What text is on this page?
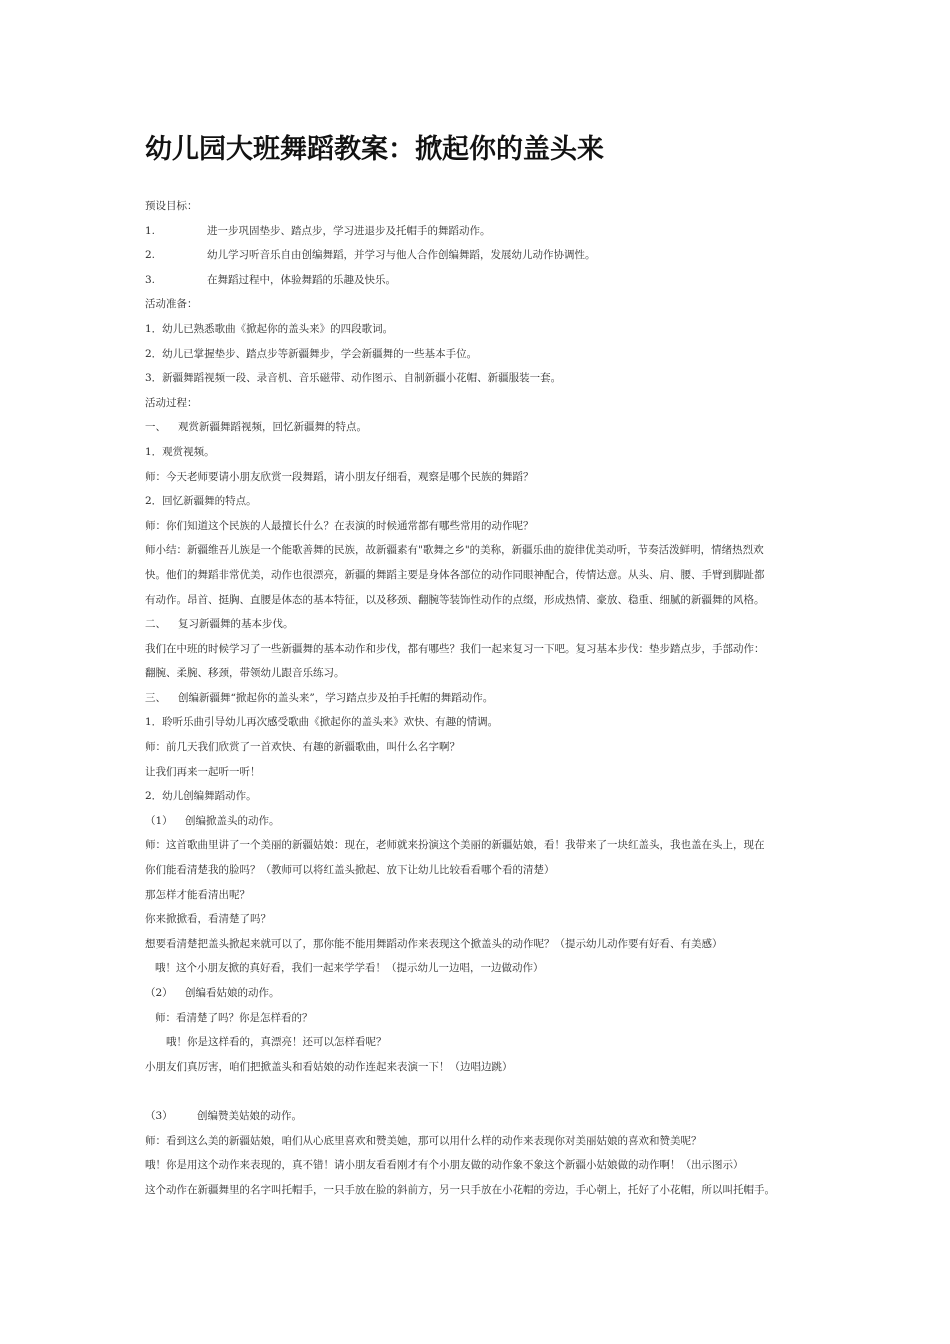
幼儿园大班舞蹈教案：掀起你的盖头来
预设目标：
1.	进一步巩固垫步、踏点步，学习进退步及托帽手的舞蹈动作。
2.	幼儿学习听音乐自由创编舞蹈，并学习与他人合作创编舞蹈，发展幼儿动作协调性。
3.	在舞蹈过程中，体验舞蹈的乐趣及快乐。
活动准备：
1．幼儿已熟悉歌曲《掀起你的盖头来》的四段歌词。
2．幼儿已掌握垫步、踏点步等新疆舞步，学会新疆舞的一些基本手位。
3．新疆舞蹈视频一段、录音机、音乐磁带、动作图示、自制新疆小花帽、新疆服装一套。
活动过程：
一、 观赏新疆舞蹈视频，回忆新疆舞的特点。
1．观赏视频。
师：今天老师要请小朋友欣赏一段舞蹈，请小朋友仔细看，观察是哪个民族的舞蹈？
2．回忆新疆舞的特点。
师：你们知道这个民族的人最擅长什么？在表演的时候通常都有哪些常用的动作呢？
师小结：新疆维吾儿族是一个能歌善舞的民族，故新疆素有"歌舞之乡"的美称，新疆乐曲的旋律优美动听，节奏活泼鲜明，情绪热烈欢
快。他们的舞蹈非常优美，动作也很漂亮，新疆的舞蹈主要是身体各部位的动作同眼神配合，传情达意。从头、肩、腰、手臂到脚趾都
有动作。昂首、挺胸、直腰是体态的基本特征，以及移颈、翻腕等装饰性动作的点缀，形成热情、豪放、稳重、细腻的新疆舞的风格。
二、 复习新疆舞的基本步伐。
我们在中班的时候学习了一些新疆舞的基本动作和步伐，都有哪些？我们一起来复习一下吧。复习基本步伐：垫步踏点步，手部动作：
翻腕、柔腕、移颈，带领幼儿跟音乐练习。
三、 创编新疆舞“掀起你的盖头来”，学习踏点步及拍手托帽的舞蹈动作。
1．聆听乐曲引导幼儿再次感受歌曲《掀起你的盖头来》欢快、有趣的情调。
师：前几天我们欣赏了一首欢快、有趣的新疆歌曲，叫什么名字啊？
让我们再来一起听一听！
2．幼儿创编舞蹈动作。
（1） 创编掀盖头的动作。
师：这首歌曲里讲了一个美丽的新疆姑娘：现在，老师就来扮演这个美丽的新疆姑娘，看！我带来了一块红盖头，我也盖在头上，现在
你们能看清楚我的脸吗？（教师可以将红盖头掀起、放下让幼儿比较看看哪个看的清楚）
那怎样才能看清出呢？
你来掀掀看，看清楚了吗？
想要看清楚把盖头掀起来就可以了，那你能不能用舞蹈动作来表现这个掀盖头的动作呢？（提示幼儿动作要有好看、有美感）
哦！这个小朋友掀的真好看，我们一起来学学看！（提示幼儿一边唱，一边做动作）
（2） 创编看姑娘的动作。
师：看清楚了吗？你是怎样看的？
哦！你是这样看的，真漂亮！还可以怎样看呢？
小朋友们真厉害，咱们把掀盖头和看姑娘的动作连起来表演一下！（边唱边跳）
（3） 创编赞美姑娘的动作。
师：看到这么美的新疆姑娘，咱们从心底里喜欢和赞美她，那可以用什么样的动作来表现你对美丽姑娘的喜欢和赞美呢？
哦！你是用这个动作来表现的，真不错！请小朋友看看刚才有个小朋友做的动作象不象这个新疆小姑娘做的动作啊！（出示图示）
这个动作在新疆舞里的名字叫托帽手，一只手放在脸的斜前方，另一只手放在小花帽的旁边，手心朝上，托好了小花帽，所以叫托帽手。
